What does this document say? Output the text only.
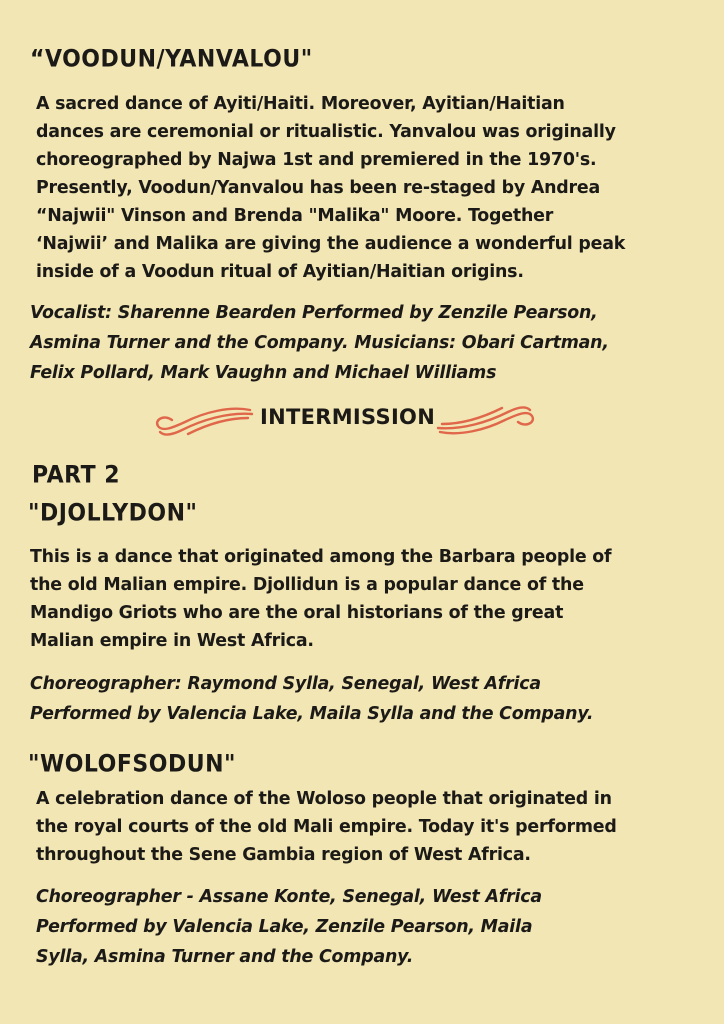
“VOODUN/YANVALOU"

A sacred dance of Ayiti/Haiti. Moreover, Ayitian/Haitian
dances are ceremonial or ritualistic. Yanvalou was originally
choreographed by Najwa 1st and premiered in the 1970's.
Presently, Voodun/Yanvalou has been re-staged by Andrea
“Najwii" Vinson and Brenda "Malika" Moore. Together
‘Najwii’ and Malika are giving the audience a wonderful peak
inside of a Voodun ritual of Ayitian/Haitian origins.

Vocalist: Sharenne Bearden Performed by Zenzile Pearson,
Asmina Turner and the Company. Musicians: Obari Cartman,
Felix Pollard, Mark Vaughn and Michael Williams

INTERMISSION

PART 2
"DJOLLYDON"

This is a dance that originated among the Barbara people of
the old Malian empire. Djollidun is a popular dance of the
Mandigo Griots who are the oral historians of the great
Malian empire in West Africa.

Choreographer: Raymond Sylla, Senegal, West Africa
Performed by Valencia Lake, Maila Sylla and the Company.

"WOLOFSODUN"

A celebration dance of the Woloso people that originated in
the royal courts of the old Mali empire. Today it's performed
throughout the Sene Gambia region of West Africa.

Choreographer - Assane Konte, Senegal, West Africa
Performed by Valencia Lake, Zenzile Pearson, Maila
Sylla, Asmina Turner and the Company.
